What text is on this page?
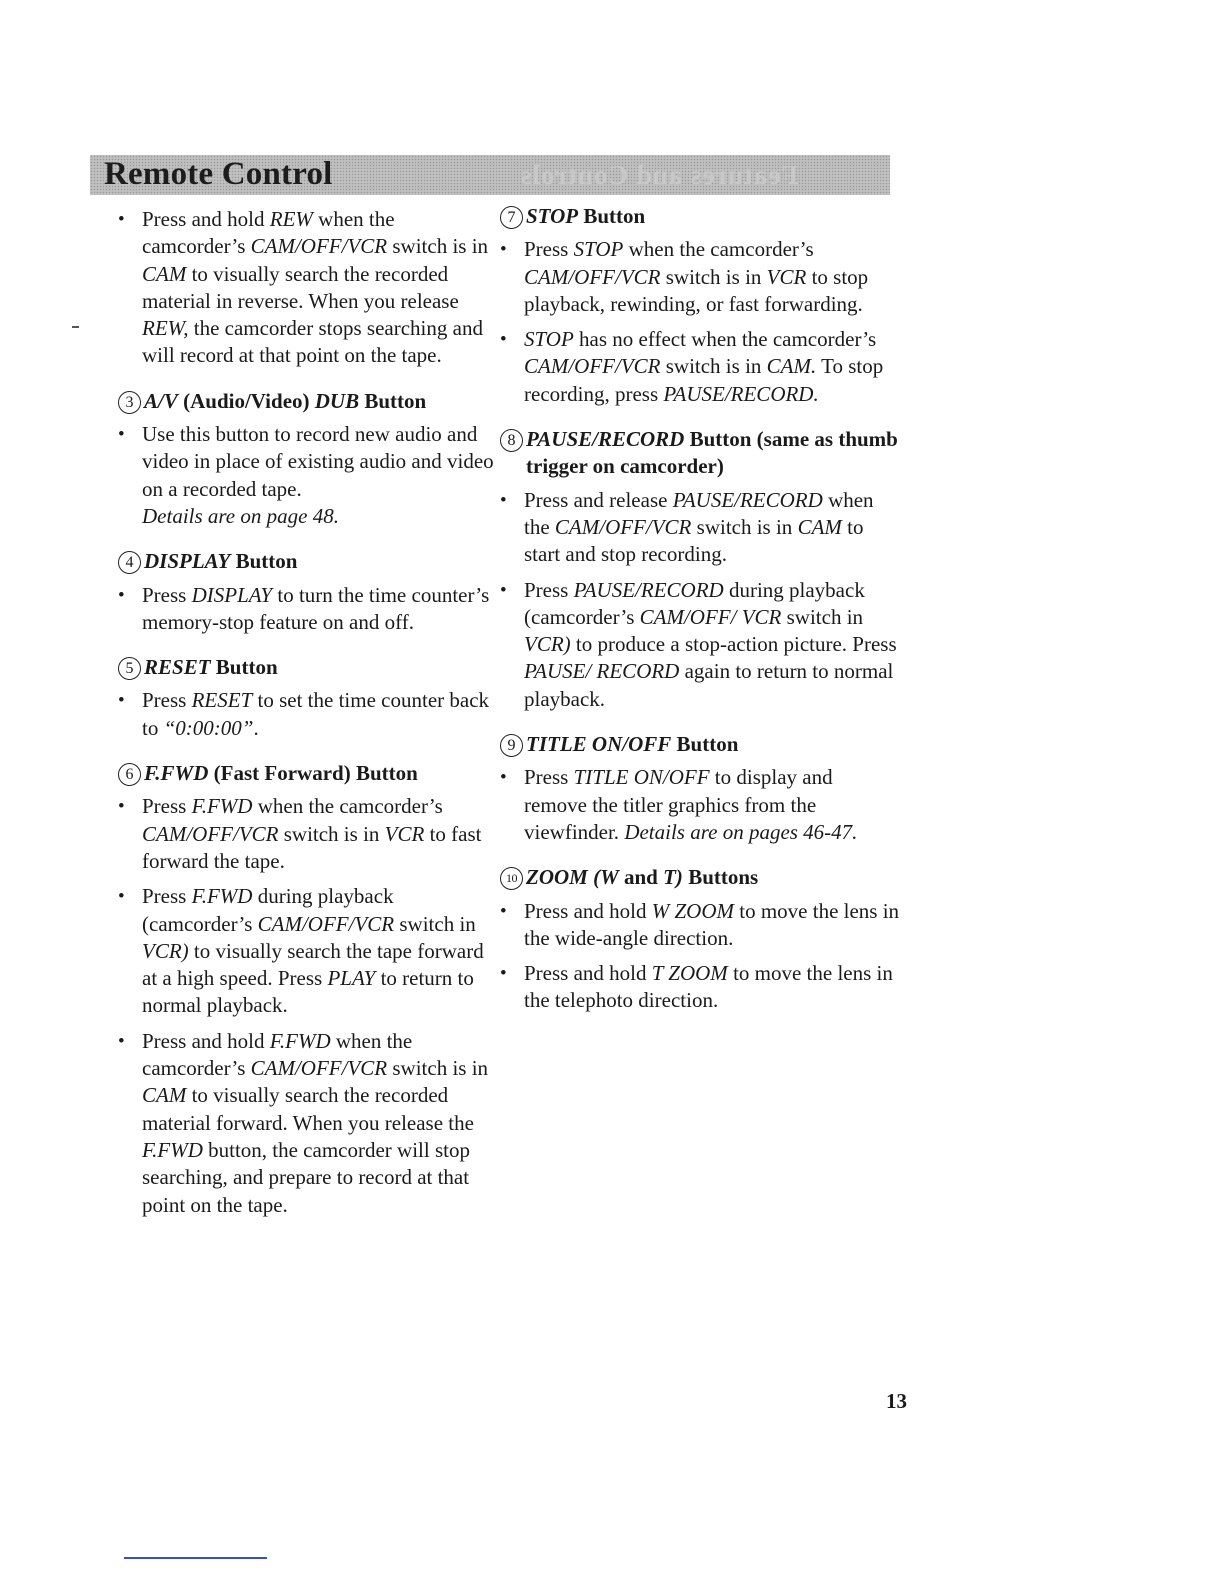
Remote Control	Features and Controls
• Press and hold REW when the camcorder’s CAM/OFF/VCR switch is in CAM to visually search the recorded material in reverse. When you release REW, the camcorder stops searching and will record at that point on the tape.
3 A/V (Audio/Video) DUB Button
• Use this button to record new audio and video in place of existing audio and video on a recorded tape.
Details are on page 48.
4 DISPLAY Button
• Press DISPLAY to turn the time counter’s memory-stop feature on and off.
5 RESET Button
• Press RESET to set the time counter back to “0:00:00”.
6 F.FWD (Fast Forward) Button
• Press F.FWD when the camcorder’s CAM/OFF/VCR switch is in VCR to fast forward the tape.
• Press F.FWD during playback (camcorder’s CAM/OFF/VCR switch in VCR) to visually search the tape forward at a high speed. Press PLAY to return to normal playback.
• Press and hold F.FWD when the camcorder’s CAM/OFF/VCR switch is in CAM to visually search the recorded material forward. When you release the F.FWD button, the camcorder will stop searching, and prepare to record at that point on the tape.
7 STOP Button
• Press STOP when the camcorder’s CAM/OFF/VCR switch is in VCR to stop playback, rewinding, or fast forwarding.
• STOP has no effect when the camcorder’s CAM/OFF/VCR switch is in CAM. To stop recording, press PAUSE/RECORD.
8 PAUSE/RECORD Button (same as thumb trigger on camcorder)
• Press and release PAUSE/RECORD when the CAM/OFF/VCR switch is in CAM to start and stop recording.
• Press PAUSE/RECORD during playback (camcorder’s CAM/OFF/ VCR switch in VCR) to produce a stop-action picture. Press PAUSE/ RECORD again to return to normal playback.
9 TITLE ON/OFF Button
• Press TITLE ON/OFF to display and remove the titler graphics from the viewfinder. Details are on pages 46-47.
10 ZOOM (W and T) Buttons
• Press and hold W ZOOM to move the lens in the wide-angle direction.
• Press and hold T ZOOM to move the lens in the telephoto direction.
13
